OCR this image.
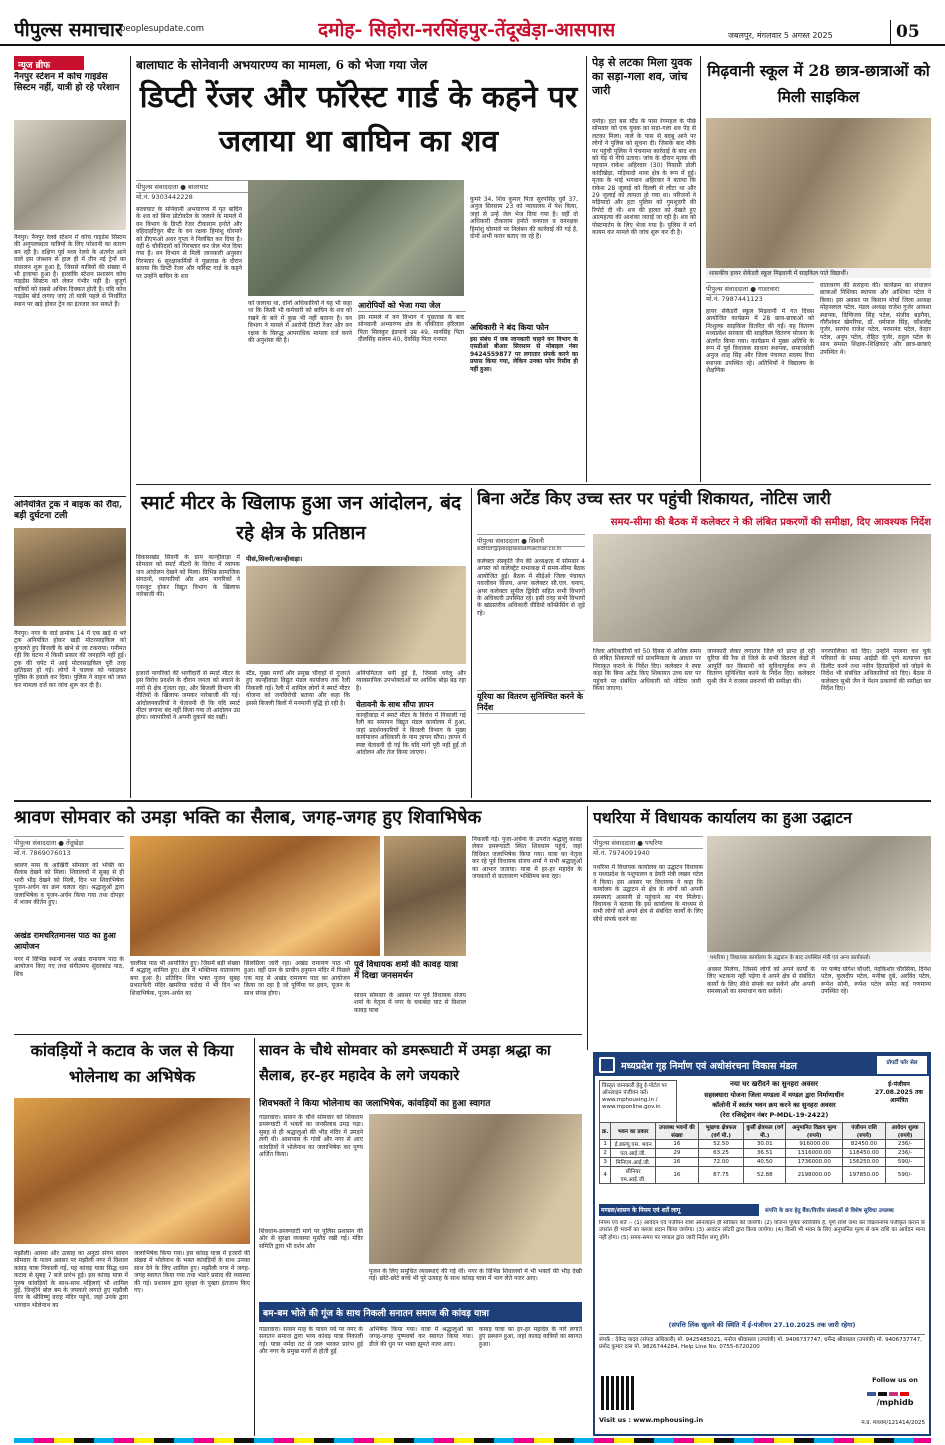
पीपुल्स समाचार
peoplesupdate.com	दमोह- सिहोरा-नरसिंहपुर-तेंदूखेड़ा-आसपास	जबलपुर, मंगलवार 5 अगस्त 2025	05
न्यूज ब्रीफ
नैनपुर स्टेशन में कोच गाइडेंस सिस्टम नहीं, यात्री हो रहे परेशान
नैनपुर। नैनपुर रेलवे स्टेशन में कोच गाइडेंस सिस्टम की अनुपलब्धता यात्रियों के लिए परेशानी का कारण बन रही है। दक्षिण पूर्व मध्य रेलवे के अंतर्गत आने वाले इस जंक्शन से हाल ही में तीन नई ट्रेनों का संचालन शुरू हुआ है, जिससे यात्रियों की संख्या में भी इजाफा हुआ है। हालांकि स्टेशन प्रशासन कोच गाइडेंस सिस्टम को लेकर गंभीर नहीं है। बुजुर्ग यात्रियों को सबसे अधिक दिक्कत होती है। यदि कोच गाइडेंस बोर्ड लगाए जाएं तो यात्री पहले से निर्धारित स्थान पर खड़े होकर ट्रेन का इंतजार कर सकते हैं।
अनियंत्रित ट्रक ने बाइक को रौंदा, बड़ी दुर्घटना टली
नैनपुर। नगर के वार्ड क्रमांक 14 में एक खड़े से भरे ट्रक अनियंत्रित होकर खड़ी मोटरसाइकिल को कुचलते हुए बिजली के खंभे से जा टकराया। गनीमत रही कि घटना में किसी प्रकार की जनहानि नहीं हुई। ट्रक की चपेट में आई मोटरसाइकिल पूरी तरह क्षतिग्रस्त हो गई। लोगों ने चालक को पकड़कर पुलिस के हवाले कर दिया। पुलिस ने वाहन को जब्त कर मामला दर्ज कर जांच शुरू कर दी है।
बालाघाट के सोनेवानी अभयारण्य का मामला, 6 को भेजा गया जेल
डिप्टी रेंजर और फॉरेस्ट गार्ड के कहने पर जलाया था बाघिन का शव
पीपुल्स संवाददाता ● बालाघाट
मो.नं. 9303442228
बालाघाट के सोनेवानी अभयारण्य में मृत बाघिन के शव को बिना प्रोटोकॉल के जलाने के मामले में वन विभाग के डिप्टी रेंजर टीकाराम हनोते और वहिदाहटिकुर बीट के वन रक्षक हिमांशु घोरमारे को डीएफओ अधर गुप्ता ने निलंबित कर दिया है। वहीं 6 चौकीदारों को गिरफ्तार कर जेल भेज दिया गया है। वन विभाग से मिली जानकारी अनुसार गिरफ्तार 6 सुरक्षाकर्मियों ने पूछताछ के दौरान बताया कि डिप्टी रेंजर और फॉरेस्ट गार्ड के कहने पर उन्होंने बाघिन के शव
को जलाया था, दोनों अधिकारियों ने यह भी कहा था कि किसी भी कर्मचारी को बाघिन के शव को रखने के बारे में कुछ भी नहीं बताना है। वन विभाग ने मामले में आरोपी डिप्टी रेंजर और वन रक्षक के विरुद्ध आपराधिक मामला दर्ज करने की अनुशंसा की है।
आरोपियों को भेजा गया जेल
इस मामले में वन विभाग ने पूछताछ के बाद सोनवानी अभ्यारण्य क्षेत्र के चौकीदार हरिलाल पिता सिलकुर इंडपाचे उम्र 49, मानसिंह पिता दौलसिंह सलाम 40, देवसिंह पिता गनपत
कुमरे 34, शिव कुमार पिता सुरपसिंह धुर्वे 37, अनुज सिरसाम 23 को न्यायालय में पेश किया, जहां से उन्हें जेल भेज दिया गया है। वहीं दो अधिकारी टीकाराम हनोते वनपाल व वनरक्षक हिमांशु घोरमारे पर निलंबन की कार्रवाई की गई है, दोनों अभी फरार बताए जा रहे हैं।
अधिकारी ने बंद किया फोन
इस संबंध में जब जानकारी चाहने वन विभाग के एसडीओ बीआर सिरसाम से मोबाइल नंबर 9424559877 पर लगातार संपर्क करने का प्रयास किया गया, लेकिन उनका फोन रिसीव ही नहीं हुआ।
पेड़ से लटका मिला युवक का सड़ा-गला शव, जांच जारी
दमोह। हटा बस स्टैंड के पास रंगमहल के पीछे सोमवार को एक युवक का सड़ा-गला शव पेड़ से लटका मिला। नाले के पास से बदबू आने पर लोगों ने पुलिस को सूचना दी। जिसके बाद मौके पर पहुंची पुलिस ने पंचनामा कार्रवाई के बाद शव को पेड़ से नीचे उतारा। जांच के दौरान मृतक की पहचान राकेश अहिरवार (30) निवासी डोली कांदीखेड़ा, मड़ियादो थाना क्षेत्र के रूप में हुई। मृतक के भाई भगवान अहिरवार ने बताया कि राकेश 28 जुलाई को दिल्ली से लौटा था और 29 जुलाई को लापता हो गया था। परिजनों ने मड़ियादो और हटा पुलिस को गुमशुदगी की रिपोर्ट दी थी। शव की हालत को देखते हुए आत्महत्या की आशंका जताई जा रही है। शव को पोस्टमार्टम के लिए भेजा गया है। पुलिस ने मर्ग कायम कर मामले की जांच शुरू कर दी है।
मिढ़वानी स्कूल में 28 छात्र-छात्राओं को मिली साइकिल
शासकीय हायर सेकेंडरी स्कूल मिढ़वानी में साइकिल पाते विद्यार्थी।
पीपुल्स संवाददाता ● गाडरवारा
मो.नं. 7987441123
हायर सेकेंडरी स्कूल मिढ़वानी में गत दिवस आयोजित कार्यक्रम में 28 छात्र-छात्राओं को निःशुल्क साइकिल वितरित की गईं। यह वितरण मध्यप्रदेश सरकार की साइकिल वितरण योजना के अंतर्गत किया गया। कार्यक्रम में मुख्य अतिथि के रूप में पूर्व विधायक साधना स्थापक, समाजसेवी अनुज शाह सिंह और जिला पंचायत सदस्य रिचा स्थापक उपस्थित रहे। अतिथियों ने विद्यालय के शैक्षणिक
वातावरण की सराहना की। कार्यक्रम का संचालन छात्राओं निशिका स्थापक और आंशिका पटेल ने किया। इस अवसर पर किसान मोर्चा जिला अध्यक्ष मोहनलाल पटेल, मंडल अध्यक्ष राजेश गुर्जर आयशा स्थापक, दिग्विजय सिंह पटेल, संजीव बड़गैया, गौरीशंकर खेमरिया, डॉ. धर्मपाल सिंह, कौशलेंद्र गुर्जर, सरपंच राजेश पटेल, परमानंद पटेल, केदार पटेल, अनूप पटेल, रोहित गुर्जर, राहुल पटेल के साथ समस्त शिक्षक-शिक्षिकाएं और छात्र-छात्राएं उपस्थित थे।
स्मार्ट मीटर के खिलाफ हुआ जन आंदोलन, बंद रहे क्षेत्र के प्रतिष्ठान
पीसं,सिवनी/कान्हीवाड़ा।
विकासखंड सिवनी के ग्राम कान्हीवाड़ा में सोमवार को स्मार्ट मीटरों के विरोध में व्यापक जन आंदोलन देखने को मिला। विभिन्न सामाजिक संगठनों, व्यापारियों और आम नागरिकों ने एकजुट होकर विद्युत विभाग के खिलाफ नारेबाजी की।
हजारों नागरिकों की भागीदारी से स्मार्ट मीटर के इस विरोध प्रदर्शन के दौरान जनता को बचाने के नारों से क्षेत्र गूंजता रहा, और बिजली विभाग की नीतियों के खिलाफ जमकर नारेबाजी की गई। आंदोलनकारियों ने चेतावनी दी कि यदि स्मार्ट मीटर लगाना बंद नहीं किया गया तो आंदोलन उग्र होगा। व्यापारियों ने अपनी दुकानें बंद रखीं।
स्टैंड, मुख्य मार्गों और प्रमुख चौराहों से गुजरते हुए कान्हीवाड़ा विद्युत मंडल कार्यालय तक रैली निकाली गई। रैली में शामिल लोगों ने स्मार्ट मीटर योजना को जनविरोधी बताया और कहा कि इससे बिजली बिलों में मनमानी वृद्धि हो रही है।
अनियमितता बनी हुई है, जिससे घरेलू और व्यावसायिक उपभोक्ताओं पर आर्थिक बोझ बढ़ रहा है।
चेतावनी के साथ सौंपा ज्ञापन
कान्हीवाड़ा में स्मार्ट मीटर के विरोध में निकाली गई रैली का समापन विद्युत मंडल कार्यालय में हुआ, जहां प्रदर्शनकारियों ने बिजली विभाग के मुख्य कार्यपालन अधिकारी के नाम ज्ञापन सौंपा। ज्ञापन में स्पष्ट चेतावनी दी गई कि यदि मांगें पूरी नहीं हुईं तो आंदोलन और तेज किया जाएगा।
बिना अटेंड किए उच्च स्तर पर पहुंची शिकायत, नोटिस जारी
समय-सीमा की बैठक में कलेक्टर ने की लंबित प्रकरणों की समीक्षा, दिए आवश्यक निर्देश
पीपुल्स संवाददाता ● सिवनी
editor@peoplessamachar.co.in
कलेक्टर संस्कृति जैन की अध्यक्षता में सोमवार 4 अगस्त को कलेक्ट्रेट सभाकक्ष में समय-सीमा बैठक आयोजित हुई। बैठक में सीईओ जिला पंचायत नवजीवन विजय, अपर कलेक्टर सी.एल. चनाप, अपर कलेक्टर सुनील द्विवेदी सहित सभी विभागों के अधिकारी उपस्थित रहे। इसी तरह सभी विभागों के खंडस्तरीय अधिकारी वीडियो कॉन्फ्रेंसिंग से जुड़े रहे।
यूरिया का वितरण सुनिश्चित करने के निर्देश
जिला अधिकारियों को 50 दिवस से अधिक समय से लंबित शिकायतों को प्राथमिकता के आधार पर निराकृत कराने के निर्देश दिए। कलेक्टर ने स्पष्ट कहा कि बिना अटेंड किए शिकायत उच्च स्तर पर पहुंचने पर संबंधित अधिकारी को नोटिस जारी किया जाएगा।
जानकारी लेकर लगातार जिले को प्राप्त हो रही यूरिया की रैक से जिले के सभी वितरण केंद्रों में आपूर्ति कर किसानों को सुविधापूर्वक रूप से वितरण सुनिश्चित करने के निर्देश दिए। कलेक्टर सुश्री जैन ने राजस्व प्रकरणों की समीक्षा की।
नगरपालिका को दिए। उन्होंने पालना कर चुके परिवारों के समग्र आईडी की पूर्ण सत्यापन कर डिलीट करने तथा नवीन हितग्राहियों को जोड़ने के निर्देश भी संबंधित अधिकारियों को दिए। बैठक में कलेक्टर सुश्री जैन ने पेंशन प्रकरणों की समीक्षा कर निर्देश दिए।
श्रावण सोमवार को उमड़ा भक्ति का सैलाब, जगह-जगह हुए शिवाभिषेक
पीपुल्स संवाददाता ● तेंदूखेड़ा
मो.नं. 7869076013
श्रावण मास के आखिरी सोमवार को भक्ति का सैलाब देखने को मिला। शिवालयों में सुबह से ही भारी भीड़ देखने को मिली, दिन भर शिवाभिषेक पूजन-अर्चन का क्रम चलता रहा। श्रद्धालुओं द्वारा जलाभिषेक व पूजन-अर्चन किया गया तथा दोपहर में भजन कीर्तन हुए।
अखंड रामचरितमानस पाठ का हुआ आयोजन
नगर में विभिन्न स्थानों पर अखंड रामायण पाठ के आयोजन किए गए तथा संगीतमय सुंदरकांड पाठ, शिव
चालीसा पाठ भी आयोजित हुए। जिसमें बड़ी संख्या में श्रद्धालु शामिल हुए। क्षेत्र में भक्तिमय वातावरण बना हुआ है। प्रतिदिन शिव भक्त पूजन सुबह प्रभातफेरी मंदिर खमरिया चरोदा में भी दिन भर शिवाभिषेक, पूजन-अर्चन का
सिलसिला जारी रहा। अखंड रामायण पाठ भी हुआ। वहीं ग्राम के प्राचीन हनुमान मंदिर में पिछले एक माह से अखंड रामायण पाठ का आयोजन किया जा रहा है जो पूर्णिमा पर हवन, पूजन के साथ संपन्न होगा।
पूर्व विधायक शर्मा की कावड़ यात्रा में दिखा जनसमर्थन
सावन सोमवार के अवसर पर पूर्व विधायक संजय शर्मा के नेतृत्व में नगर के चकबंदा घाट से विशाल कावड़ यात्रा
निकाली गई। पूजा-अर्चना के उपरांत श्रद्धालु कावड़ लेकर डमरूघाटी स्थित शिवधाम पहुंचे, जहां विधिवत जलाभिषेक किया गया। यात्रा का नेतृत्व कर रहे पूर्व विधायक संजय शर्मा ने सभी श्रद्धालुओं का आभार जताया। यात्रा में हर-हर महादेव के जयकारों से वातावरण भक्तिमय बना रहा।
पथरिया में विधायक कार्यालय का हुआ उद्घाटन
पीपुल्स संवाददाता ● पथरिया
मो.नं. 7974091940
पथरिया | विधायक कार्यालय के उद्घाटन के बाद उपस्थित मंत्री एवं अन्य कार्यकर्ता।
पथरिया में विधायक कार्यालय का उद्घाटन विधायक व मध्यप्रदेश के पशुपालन व डेयरी मंत्री लखन पटेल ने किया। इस अवसर पर विधायक ने कहा कि कार्यालय के उद्घाटन से क्षेत्र के लोगों को अपनी समस्याएं आसानी से पहुंचाने का मंच मिलेगा। विधायक ने बताया कि इस कार्यालय के माध्यम से सभी लोगों को अपने क्षेत्र से संबंधित कार्यों के लिए सीधे संपर्क करने का
अवसर मिलेगा, जिससे लोगों को अपने कार्यों के लिए भटकना नहीं पड़ेगा वे अपने क्षेत्र से संबंधित कार्यों के लिए सीधे संपर्क कर सकेंगे और अपनी समस्याओं का समाधान करा सकेंगे।
पर पार्षद योगेश चौधरी, नंदकिशोर चौरसिया, दिनेश पटेल, कुलदीप पटेल, मनीषा दुबे, अरविंद पटेल, रूपेश सोनी, रूपेश पटेल समेत कई गणमान्य उपस्थित रहे।
कांवड़ियों ने कटाव के जल से किया भोलेनाथ का अभिषेक
मझौली। आस्था और उत्साह का अनूठा संगम सावन सोमवार के पावन अवसर पर मझौली नगर में विशाल कांवड़ यात्रा निकाली गई, यह कांवड़ यात्रा सिद्ध धाम कटाव से सुबह 7 बजे प्रारंभ हुई। इस कांवड़ यात्रा में पुरुष कांवड़ियों के साथ-साथ महिलाएं भी शामिल हुईं, जिन्होंने बोल बम के जयकारे लगाते हुए मझौली नगर के श्रीविष्णु वराह मंदिर पहुंचे, जहां उनके द्वारा भगवान भोलेनाथ का
जलाभिषेक किया गया। इस कांवड़ यात्रा में हजारों की संख्या में भोलेनाथ के भक्त कांवड़ियों के साथ उनका साथ देने के लिए शामिल हुए। मझौली नगर में जगह-जगह स्वागत किया गया तथा भंडारे प्रसाद की व्यवस्था की गई। प्रशासन द्वारा सुरक्षा के पुख्ता इंतजाम किए गए।
सावन के चौथे सोमवार को डमरूघाटी में उमड़ा श्रद्धा का सैलाब, हर-हर महादेव के लगे जयकारे
शिवभक्तों ने किया भोलेनाथ का जलाभिषेक, कांवड़ियों का हुआ स्वागत
गाडरवारा। सावन के चौथे सोमवार को शिवधाम डमरूघाटी में भक्तों का जनसैलाब उमड़ पड़ा। सुबह से ही श्रद्धालुओं की भीड़ मंदिर में उमड़ने लगी थी। आसपास के गांवों और नगर से आए कांवड़ियों ने भोलेनाथ का जलाभिषेक कर पुण्य अर्जित किया।
शिवधाम-डमरूघाटी मार्ग पर पुलिस प्रशासन की ओर से सुरक्षा व्यवस्था मुस्तैद रखी गई। मंदिर समिति द्वारा भी दर्शन और
पूजन के लिए समुचित व्यवस्थाएं की गई थीं। नगर के विभिन्न शिवालयों में भी भक्तों की भीड़ देखी गई। छोटे-छोटे बच्चे भी पूरे उत्साह के साथ कांवड़ यात्रा में भाग लेते नजर आए।
बम-बम भोले की गूंज के साथ निकली सनातन समाज की कांवड़ यात्रा
गाडरवारा। सावन माह के पावन पर्व पर नगर के सनातन समाज द्वारा भव्य कांवड़ यात्रा निकाली गई। यात्रा नर्मदा तट से जल भरकर प्रारंभ हुई और नगर के प्रमुख मार्गों से होती हुई
अभिषेक किया गया। यात्रा में श्रद्धालुओं का जगह-जगह पुष्पवर्षा कर स्वागत किया गया। डीजे की धुन पर भक्त झूमते नजर आए।
कावड़ यात्रा का हर-हर महादेव के नारे लगाते हुए प्रस्थान हुआ, जहां कावड़ यात्रियों का स्वागत हुआ।
मध्यप्रदेश गृह निर्माण एवं अधोसंरचना विकास मंडल	प्रोपर्टी फॉर सेल
विस्तृत जानकारी हेतु ई-पोर्टल पर ऑनलाइन पंजीयन करें। www.mphousing.in / www.mponline.gov.in
नया घर खरीदने का सुनहरा अवसर
सहस्त्रधारा योजना जिला मण्डला में मण्डल द्वारा निर्माणाधीन
कॉलोनी में स्वतंत्र भवन क्रय करने का सुनहरा अवसर
(रेरा रजिस्ट्रेशन नंबर P-MDL-19-2422)
ई-पंजीयन 27.08.2025 तक आमंत्रित
क्र.	भवन का प्रकार	उपलब्ध भवनों की संख्या	भूखण्ड क्षेत्रफल (वर्ग मी.)	कुर्सी क्षेत्रफल (वर्ग मी.)	अनुमानित विक्रय मूल्य (रुपये)	पंजीयन राशि (रुपये)	आवेदन शुल्क (रुपये)
1	ई.डब्ल्यू.एस. भवन	16	52.50	30.01	916000.00	82450.00	236/-
2	एल.आई.जी.	29	63.25	36.51	1316000.00	118450.00	236/-
3	मिनिएम.आई.जी.	16	72.00	40.50	1736000.00	156250.00	590/-
4	सीनियर एम.आई.जी.	16	87.75	52.88	2198000.00	197850.00	590/-
मण्डल/शासन के नियम एवं शर्तें लागू	संपत्ति के क्रय हेतु बैंक/वित्तीय संस्थाओं से विशेष सुविधा उपलब्ध
नियम एवं शर्तें :- (1) आवेदन एवं पंजीयन राशि ऑनलाइन ही स्वीकार की जायेगी। (2) योजना पूर्णतः स्ववित्तीय है, पूर्ण राशि जमा कर विक्रयनामा पंजीकृत कराने के उपरांत ही भवनों का कब्जा प्रदान किया जायेगा। (3) आवंटन लॉटरी द्वारा किया जायेगा। (4) किसी भी भवन के लिए अनुमानित मूल्य से कम राशि का आवेदन मान्य नहीं होगा। (5) समय-समय पर मण्डल द्वारा जारी निर्देश लागू होंगे।
(संपत्ति लिंक खुलने की स्थिति में ई-पंजीयन 27.10.2025 तक जारी रहेगा)
संपर्क : देवेन्द्र यादव (संपदा अधिकारी) मो. 9425485021, मनोज श्रीवास्तव (उपयंत्री) मो. 9406737747, धर्मेन्द्र श्रीवास्तव (उपयंत्री) मो. 9406737747, प्रमोद कुमार दास मो. 9826744284, Help Line No. 0755-6720200
Follow us on
/mphidb
Visit us : www.mphousing.in	म.प्र. माध्यम/121414/2025
